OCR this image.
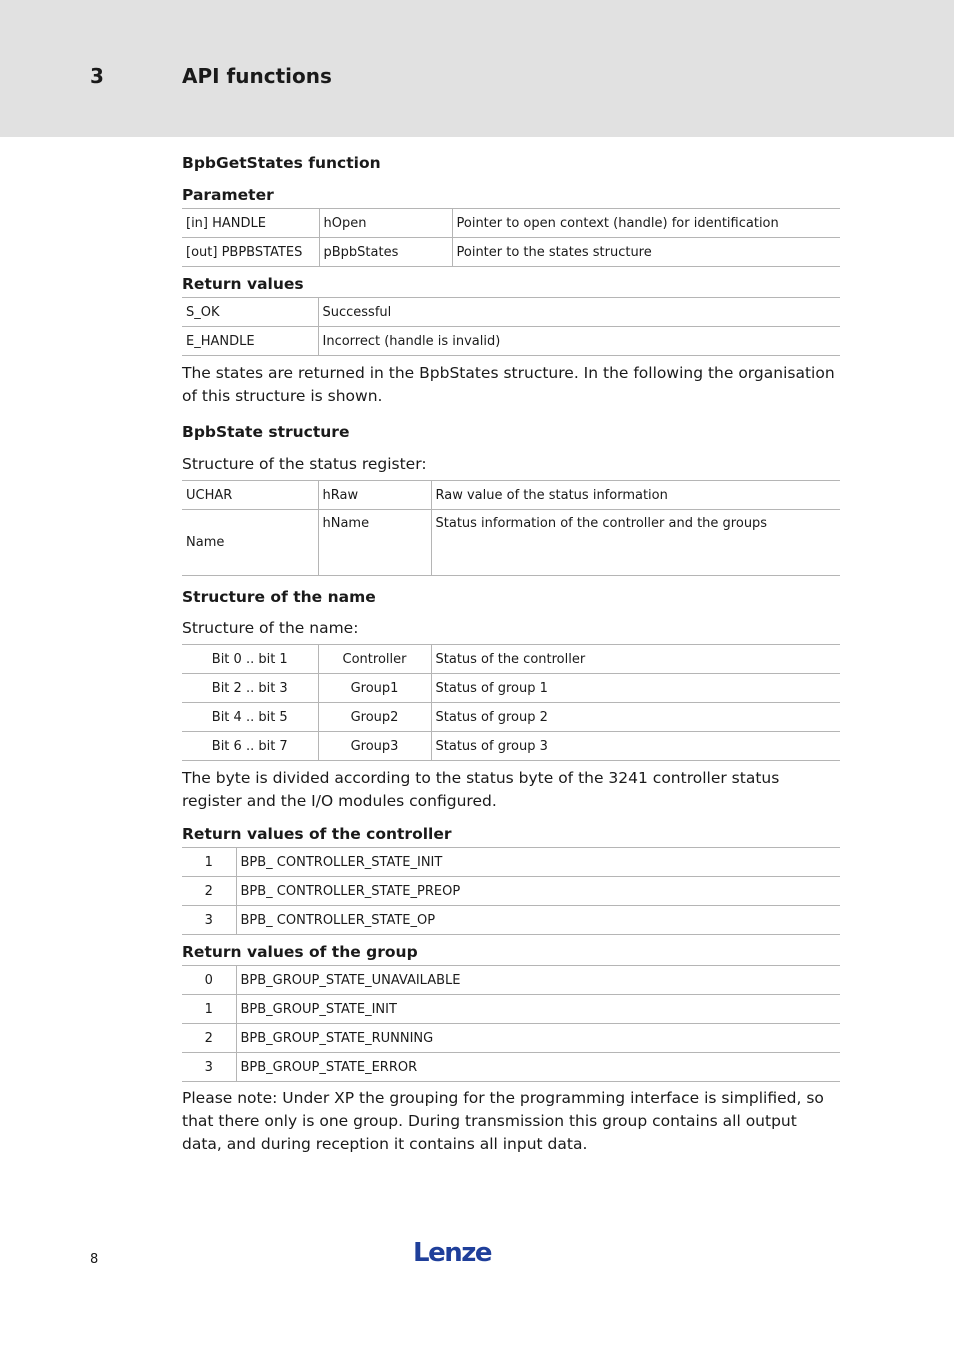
3	API functions

BpbGetStates function

Parameter

[in] HANDLE	hOpen	Pointer to open context (handle) for identification
[out] PBPBSTATES	pBpbStates	Pointer to the states structure

Return values

S_OK	Successful
E_HANDLE	Incorrect (handle is invalid)

The states are returned in the BpbStates structure. In the following the organisation of this structure is shown.

BpbState structure

Structure of the status register:

UCHAR	hRaw	Raw value of the status information
Name	hName	Status information of the controller and the groups

Structure of the name

Structure of the name:

Bit 0 .. bit 1	Controller	Status of the controller
Bit 2 .. bit 3	Group1	Status of group 1
Bit 4 .. bit 5	Group2	Status of group 2
Bit 6 .. bit 7	Group3	Status of group 3

The byte is divided according to the status byte of the 3241 controller status register and the I/O modules configured.

Return values of the controller

1	BPB_ CONTROLLER_STATE_INIT
2	BPB_ CONTROLLER_STATE_PREOP
3	BPB_ CONTROLLER_STATE_OP

Return values of the group

0	BPB_GROUP_STATE_UNAVAILABLE
1	BPB_GROUP_STATE_INIT
2	BPB_GROUP_STATE_RUNNING
3	BPB_GROUP_STATE_ERROR

Please note: Under XP the grouping for the programming interface is simplified, so that there only is one group. During transmission this group contains all output data, and during reception it contains all input data.

8	Lenze
